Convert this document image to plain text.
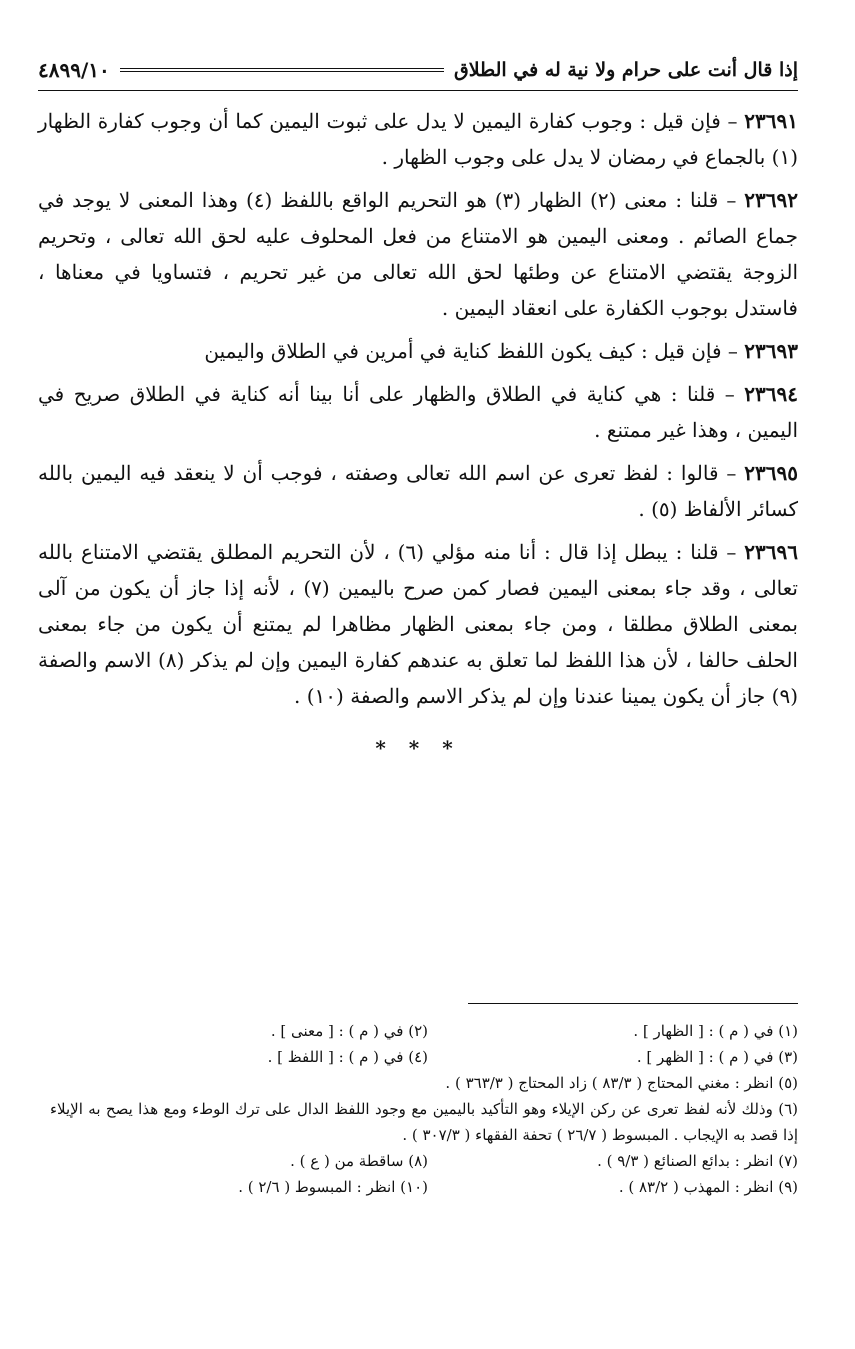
إذا قال أنت على حرام ولا نية له في الطلاق
٤٨٩٩/١٠

٢٣٦٩١ – فإن قيل : وجوب كفارة اليمين لا يدل على ثبوت اليمين كما أن وجوب كفارة الظهار (١) بالجماع في رمضان لا يدل على وجوب الظهار .

٢٣٦٩٢ – قلنا : معنى (٢) الظهار (٣) هو التحريم الواقع باللفظ (٤) وهذا المعنى لا يوجد في جماع الصائم . ومعنى اليمين هو الامتناع من فعل المحلوف عليه لحق الله تعالى ، وتحريم الزوجة يقتضي الامتناع عن وطئها لحق الله تعالى من غير تحريم ، فتساويا في معناها ، فاستدل بوجوب الكفارة على انعقاد اليمين .

٢٣٦٩٣ – فإن قيل : كيف يكون اللفظ كناية في أمرين في الطلاق واليمين

٢٣٦٩٤ – قلنا : هي كناية في الطلاق والظهار على أنا بينا أنه كناية في الطلاق صريح في اليمين ، وهذا غير ممتنع .

٢٣٦٩٥ – قالوا : لفظ تعرى عن اسم الله تعالى وصفته ، فوجب أن لا ينعقد فيه اليمين بالله كسائر الألفاظ (٥) .

٢٣٦٩٦ – قلنا : يبطل إذا قال : أنا منه مؤلي (٦) ، لأن التحريم المطلق يقتضي الامتناع بالله تعالى ، وقد جاء بمعنى اليمين فصار كمن صرح باليمين (٧) ، لأنه إذا جاز أن يكون من آلى بمعنى الطلاق مطلقا ، ومن جاء بمعنى الظهار مظاهرا لم يمتنع أن يكون من جاء بمعنى الحلف حالفا ، لأن هذا اللفظ لما تعلق به عندهم كفارة اليمين وإن لم يذكر (٨) الاسم والصفة (٩) جاز أن يكون يمينا عندنا وإن لم يذكر الاسم والصفة (١٠) .

* * *
(١) في ( م ) : [ الظهار ] .
(٢) في ( م ) : [ معنى ] .
(٣) في ( م ) : [ الظهر ] .
(٤) في ( م ) : [ اللفظ ] .
(٥) انظر : مغني المحتاج ( ٨٣/٣ ) زاد المحتاج ( ٣٦٣/٣ ) .
(٦) وذلك لأنه لفظ تعرى عن ركن الإيلاء وهو التأكيد باليمين مع وجود اللفظ الدال على ترك الوطء ومع هذا يصح به الإيلاء إذا قصد به الإيجاب . المبسوط ( ٢٦/٧ ) تحفة الفقهاء ( ٣٠٧/٣ ) .
(٧) انظر : بدائع الصنائع ( ٩/٣ ) .
(٨) ساقطة من ( ع ) .
(٩) انظر : المهذب ( ٨٣/٢ ) .
(١٠) انظر : المبسوط ( ٢/٦ ) .
